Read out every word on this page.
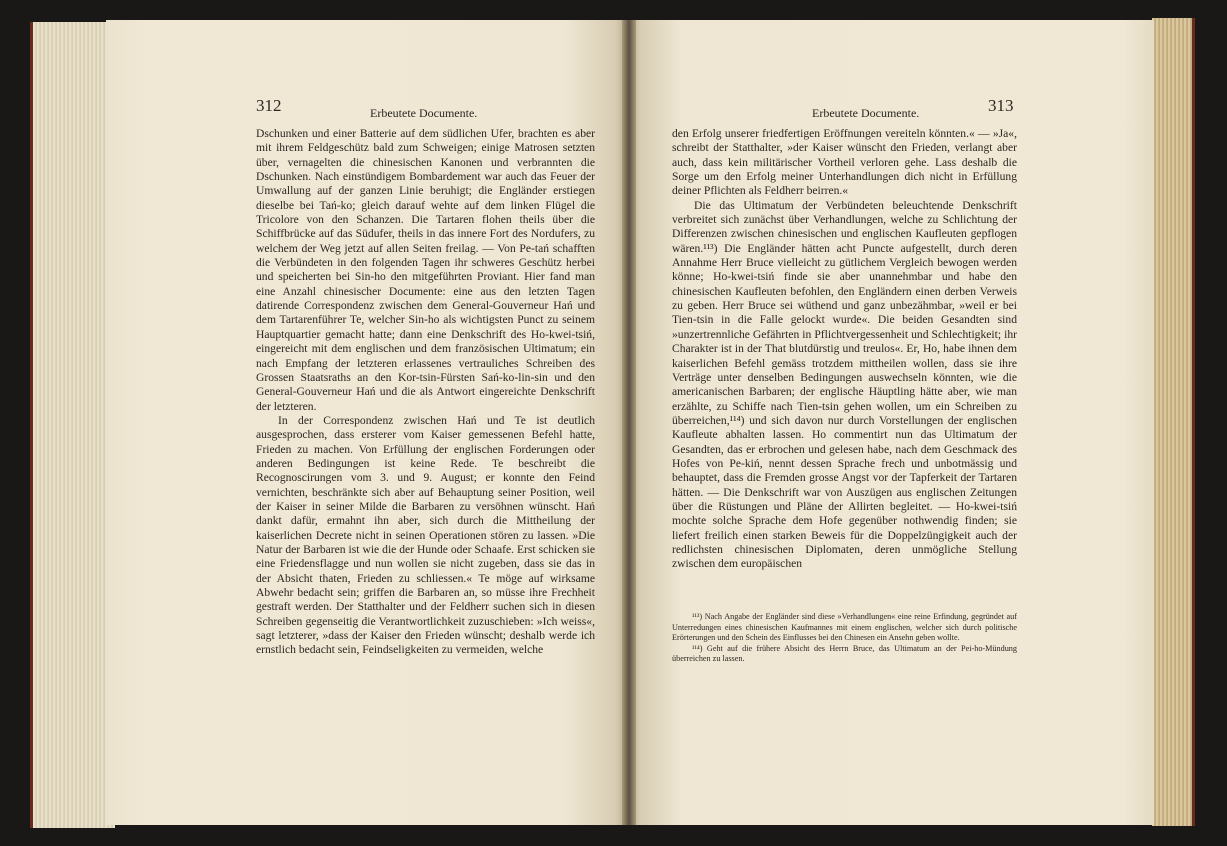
312	Erbeutete Documente.	Erbeutete Documente.	313

Dschunken und einer Batterie auf dem südlichen Ufer, brachten es aber mit ihrem Feldgeschütz bald zum Schweigen; einige Matrosen setzten über, vernagelten die chinesischen Kanonen und verbrannten die Dschunken. Nach einstündigem Bombardement war auch das Feuer der Umwallung auf der ganzen Linie beruhigt; die Engländer erstiegen dieselbe bei Tań-ko; gleich darauf wehte auf dem linken Flügel die Tricolore von den Schanzen. Die Tartaren flohen theils über die Schiffbrücke auf das Südufer, theils in das innere Fort des Nordufers, zu welchem der Weg jetzt auf allen Seiten freilag. — Von Pe-tań schafften die Verbündeten in den folgenden Tagen ihr schweres Geschütz herbei und speicherten bei Sin-ho den mitgeführten Proviant. Hier fand man eine Anzahl chinesischer Documente: eine aus den letzten Tagen datirende Correspondenz zwischen dem General-Gouverneur Hań und dem Tartarenführer Te, welcher Sin-ho als wichtigsten Punct zu seinem Hauptquartier gemacht hatte; dann eine Denkschrift des Ho-kwei-tsiń, eingereicht mit dem englischen und dem französischen Ultimatum; ein nach Empfang der letzteren erlassenes vertrauliches Schreiben des Grossen Staatsraths an den Kor-tsin-Fürsten Sań-ko-lin-sin und den General-Gouverneur Hań und die als Antwort eingereichte Denkschrift der letzteren.

In der Correspondenz zwischen Hań und Te ist deutlich ausgesprochen, dass ersterer vom Kaiser gemessenen Befehl hatte, Frieden zu machen. Von Erfüllung der englischen Forderungen oder anderen Bedingungen ist keine Rede. Te beschreibt die Recognoscirungen vom 3. und 9. August; er konnte den Feind vernichten, beschränkte sich aber auf Behauptung seiner Position, weil der Kaiser in seiner Milde die Barbaren zu versöhnen wünscht. Hań dankt dafür, ermahnt ihn aber, sich durch die Mittheilung der kaiserlichen Decrete nicht in seinen Operationen stören zu lassen. »Die Natur der Barbaren ist wie die der Hunde oder Schaafe. Erst schicken sie eine Friedensflagge und nun wollen sie nicht zugeben, dass sie das in der Absicht thaten, Frieden zu schliessen.« Te möge auf wirksame Abwehr bedacht sein; griffen die Barbaren an, so müsse ihre Frechheit gestraft werden. Der Statthalter und der Feldherr suchen sich in diesen Schreiben gegenseitig die Verantwortlichkeit zuzuschieben: »Ich weiss«, sagt letzterer, »dass der Kaiser den Frieden wünscht; deshalb werde ich ernstlich bedacht sein, Feindseligkeiten zu vermeiden, welche

den Erfolg unserer friedfertigen Eröffnungen vereiteln könnten.« — »Ja«, schreibt der Statthalter, »der Kaiser wünscht den Frieden, verlangt aber auch, dass kein militärischer Vortheil verloren gehe. Lass deshalb die Sorge um den Erfolg meiner Unterhandlungen dich nicht in Erfüllung deiner Pflichten als Feldherr beirren.«

Die das Ultimatum der Verbündeten beleuchtende Denkschrift verbreitet sich zunächst über Verhandlungen, welche zu Schlichtung der Differenzen zwischen chinesischen und englischen Kaufleuten gepflogen wären.¹¹³) Die Engländer hätten acht Puncte aufgestellt, durch deren Annahme Herr Bruce vielleicht zu gütlichem Vergleich bewogen werden könne; Ho-kwei-tsiń finde sie aber unannehmbar und habe den chinesischen Kaufleuten befohlen, den Engländern einen derben Verweis zu geben. Herr Bruce sei wüthend und ganz unbezähmbar, »weil er bei Tien-tsin in die Falle gelockt wurde«. Die beiden Gesandten sind »unzertrennliche Gefährten in Pflichtvergessenheit und Schlechtigkeit; ihr Charakter ist in der That blutdürstig und treulos«. Er, Ho, habe ihnen dem kaiserlichen Befehl gemäss trotzdem mittheilen wollen, dass sie ihre Verträge unter denselben Bedingungen auswechseln könnten, wie die americanischen Barbaren; der englische Häuptling hätte aber, wie man erzählte, zu Schiffe nach Tien-tsin gehen wollen, um ein Schreiben zu überreichen,¹¹⁴) und sich davon nur durch Vorstellungen der englischen Kaufleute abhalten lassen. Ho commentirt nun das Ultimatum der Gesandten, das er erbrochen und gelesen habe, nach dem Geschmack des Hofes von Pe-kiń, nennt dessen Sprache frech und unbotmässig und behauptet, dass die Fremden grosse Angst vor der Tapferkeit der Tartaren hätten. — Die Denkschrift war von Auszügen aus englischen Zeitungen über die Rüstungen und Pläne der Allirten begleitet. — Ho-kwei-tsiń mochte solche Sprache dem Hofe gegenüber nothwendig finden; sie liefert freilich einen starken Beweis für die Doppelzüngigkeit auch der redlichsten chinesischen Diplomaten, deren unmögliche Stellung zwischen dem europäischen

¹¹³) Nach Angabe der Engländer sind diese »Verhandlungen« eine reine Erfindung, gegründet auf Unterredungen eines chinesischen Kaufmannes mit einem englischen, welcher sich durch politische Erörterungen und den Schein des Einflusses bei den Chinesen ein Ansehn geben wollte.

¹¹⁴) Geht auf die frühere Absicht des Herrn Bruce, das Ultimatum an der Pei-ho-Mündung überreichen zu lassen.
